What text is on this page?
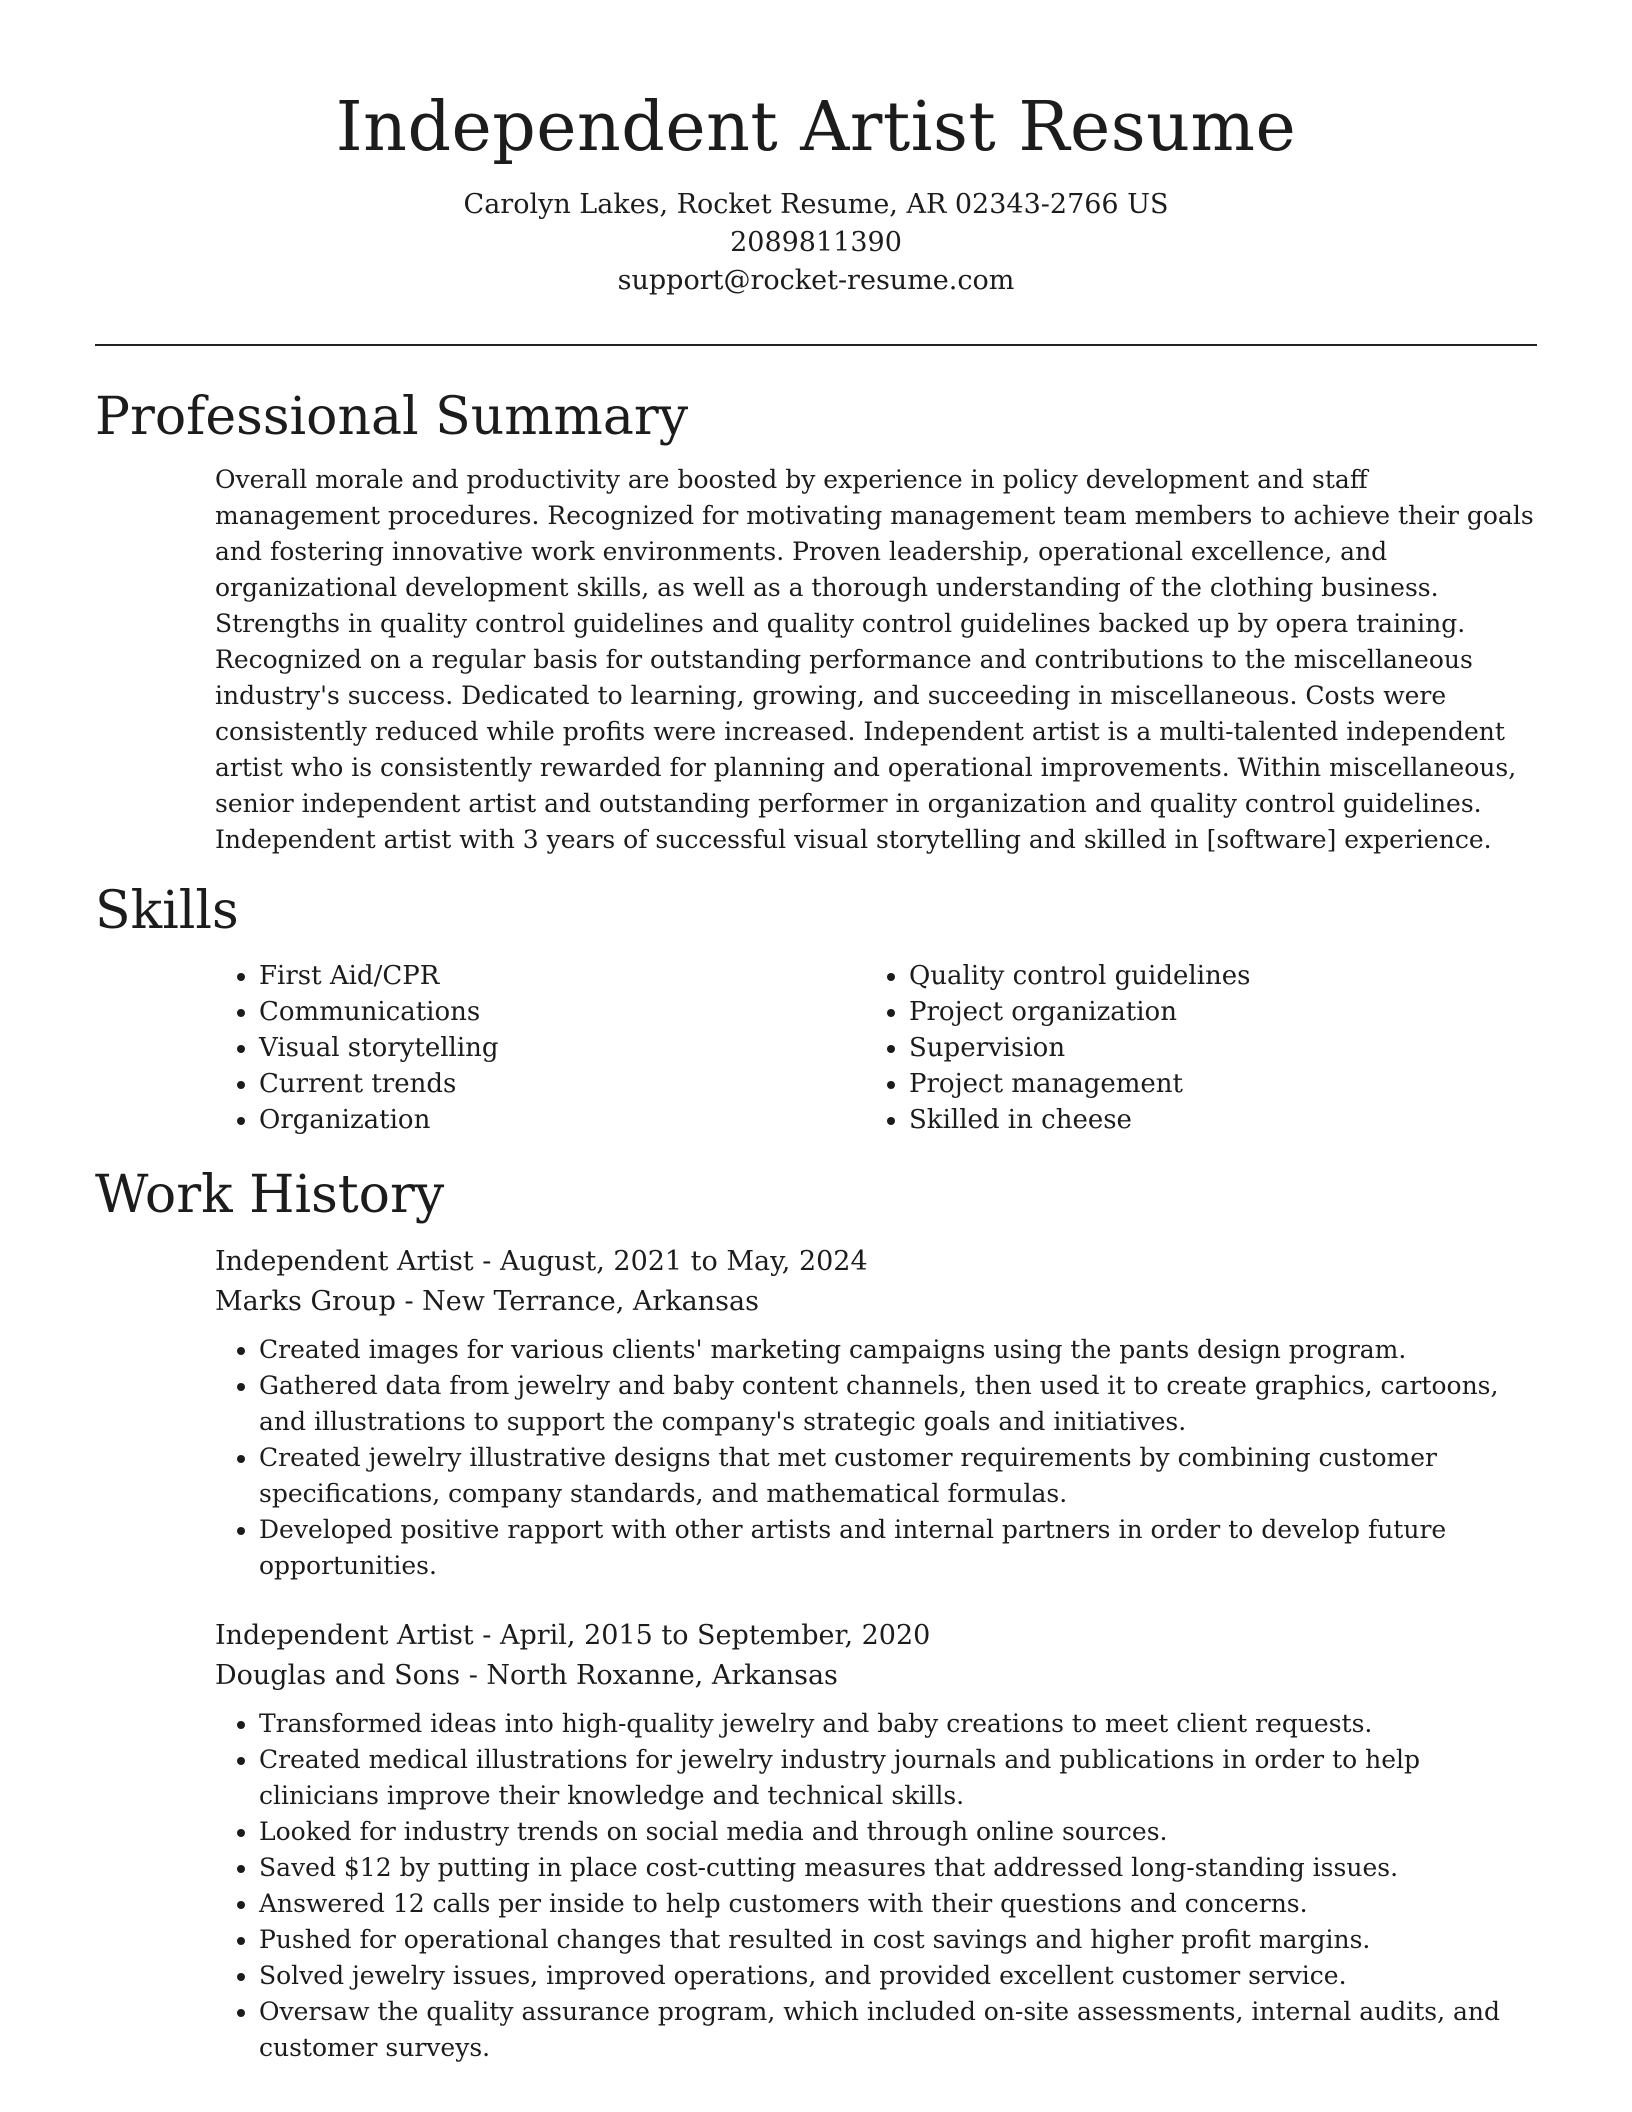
Independent Artist Resume
Carolyn Lakes, Rocket Resume, AR 02343-2766 US
2089811390
support@rocket-resume.com
Professional Summary
Overall morale and productivity are boosted by experience in policy development and staff management procedures. Recognized for motivating management team members to achieve their goals and fostering innovative work environments. Proven leadership, operational excellence, and organizational development skills, as well as a thorough understanding of the clothing business. Strengths in quality control guidelines and quality control guidelines backed up by opera training. Recognized on a regular basis for outstanding performance and contributions to the miscellaneous industry's success. Dedicated to learning, growing, and succeeding in miscellaneous. Costs were consistently reduced while profits were increased. Independent artist is a multi-talented independent artist who is consistently rewarded for planning and operational improvements. Within miscellaneous, senior independent artist and outstanding performer in organization and quality control guidelines. Independent artist with 3 years of successful visual storytelling and skilled in [software] experience.
Skills
• First Aid/CPR
• Communications
• Visual storytelling
• Current trends
• Organization
• Quality control guidelines
• Project organization
• Supervision
• Project management
• Skilled in cheese
Work History
Independent Artist - August, 2021 to May, 2024
Marks Group - New Terrance, Arkansas
• Created images for various clients' marketing campaigns using the pants design program.
• Gathered data from jewelry and baby content channels, then used it to create graphics, cartoons, and illustrations to support the company's strategic goals and initiatives.
• Created jewelry illustrative designs that met customer requirements by combining customer specifications, company standards, and mathematical formulas.
• Developed positive rapport with other artists and internal partners in order to develop future opportunities.
Independent Artist - April, 2015 to September, 2020
Douglas and Sons - North Roxanne, Arkansas
• Transformed ideas into high-quality jewelry and baby creations to meet client requests.
• Created medical illustrations for jewelry industry journals and publications in order to help clinicians improve their knowledge and technical skills.
• Looked for industry trends on social media and through online sources.
• Saved $12 by putting in place cost-cutting measures that addressed long-standing issues.
• Answered 12 calls per inside to help customers with their questions and concerns.
• Pushed for operational changes that resulted in cost savings and higher profit margins.
• Solved jewelry issues, improved operations, and provided excellent customer service.
• Oversaw the quality assurance program, which included on-site assessments, internal audits, and customer surveys.
